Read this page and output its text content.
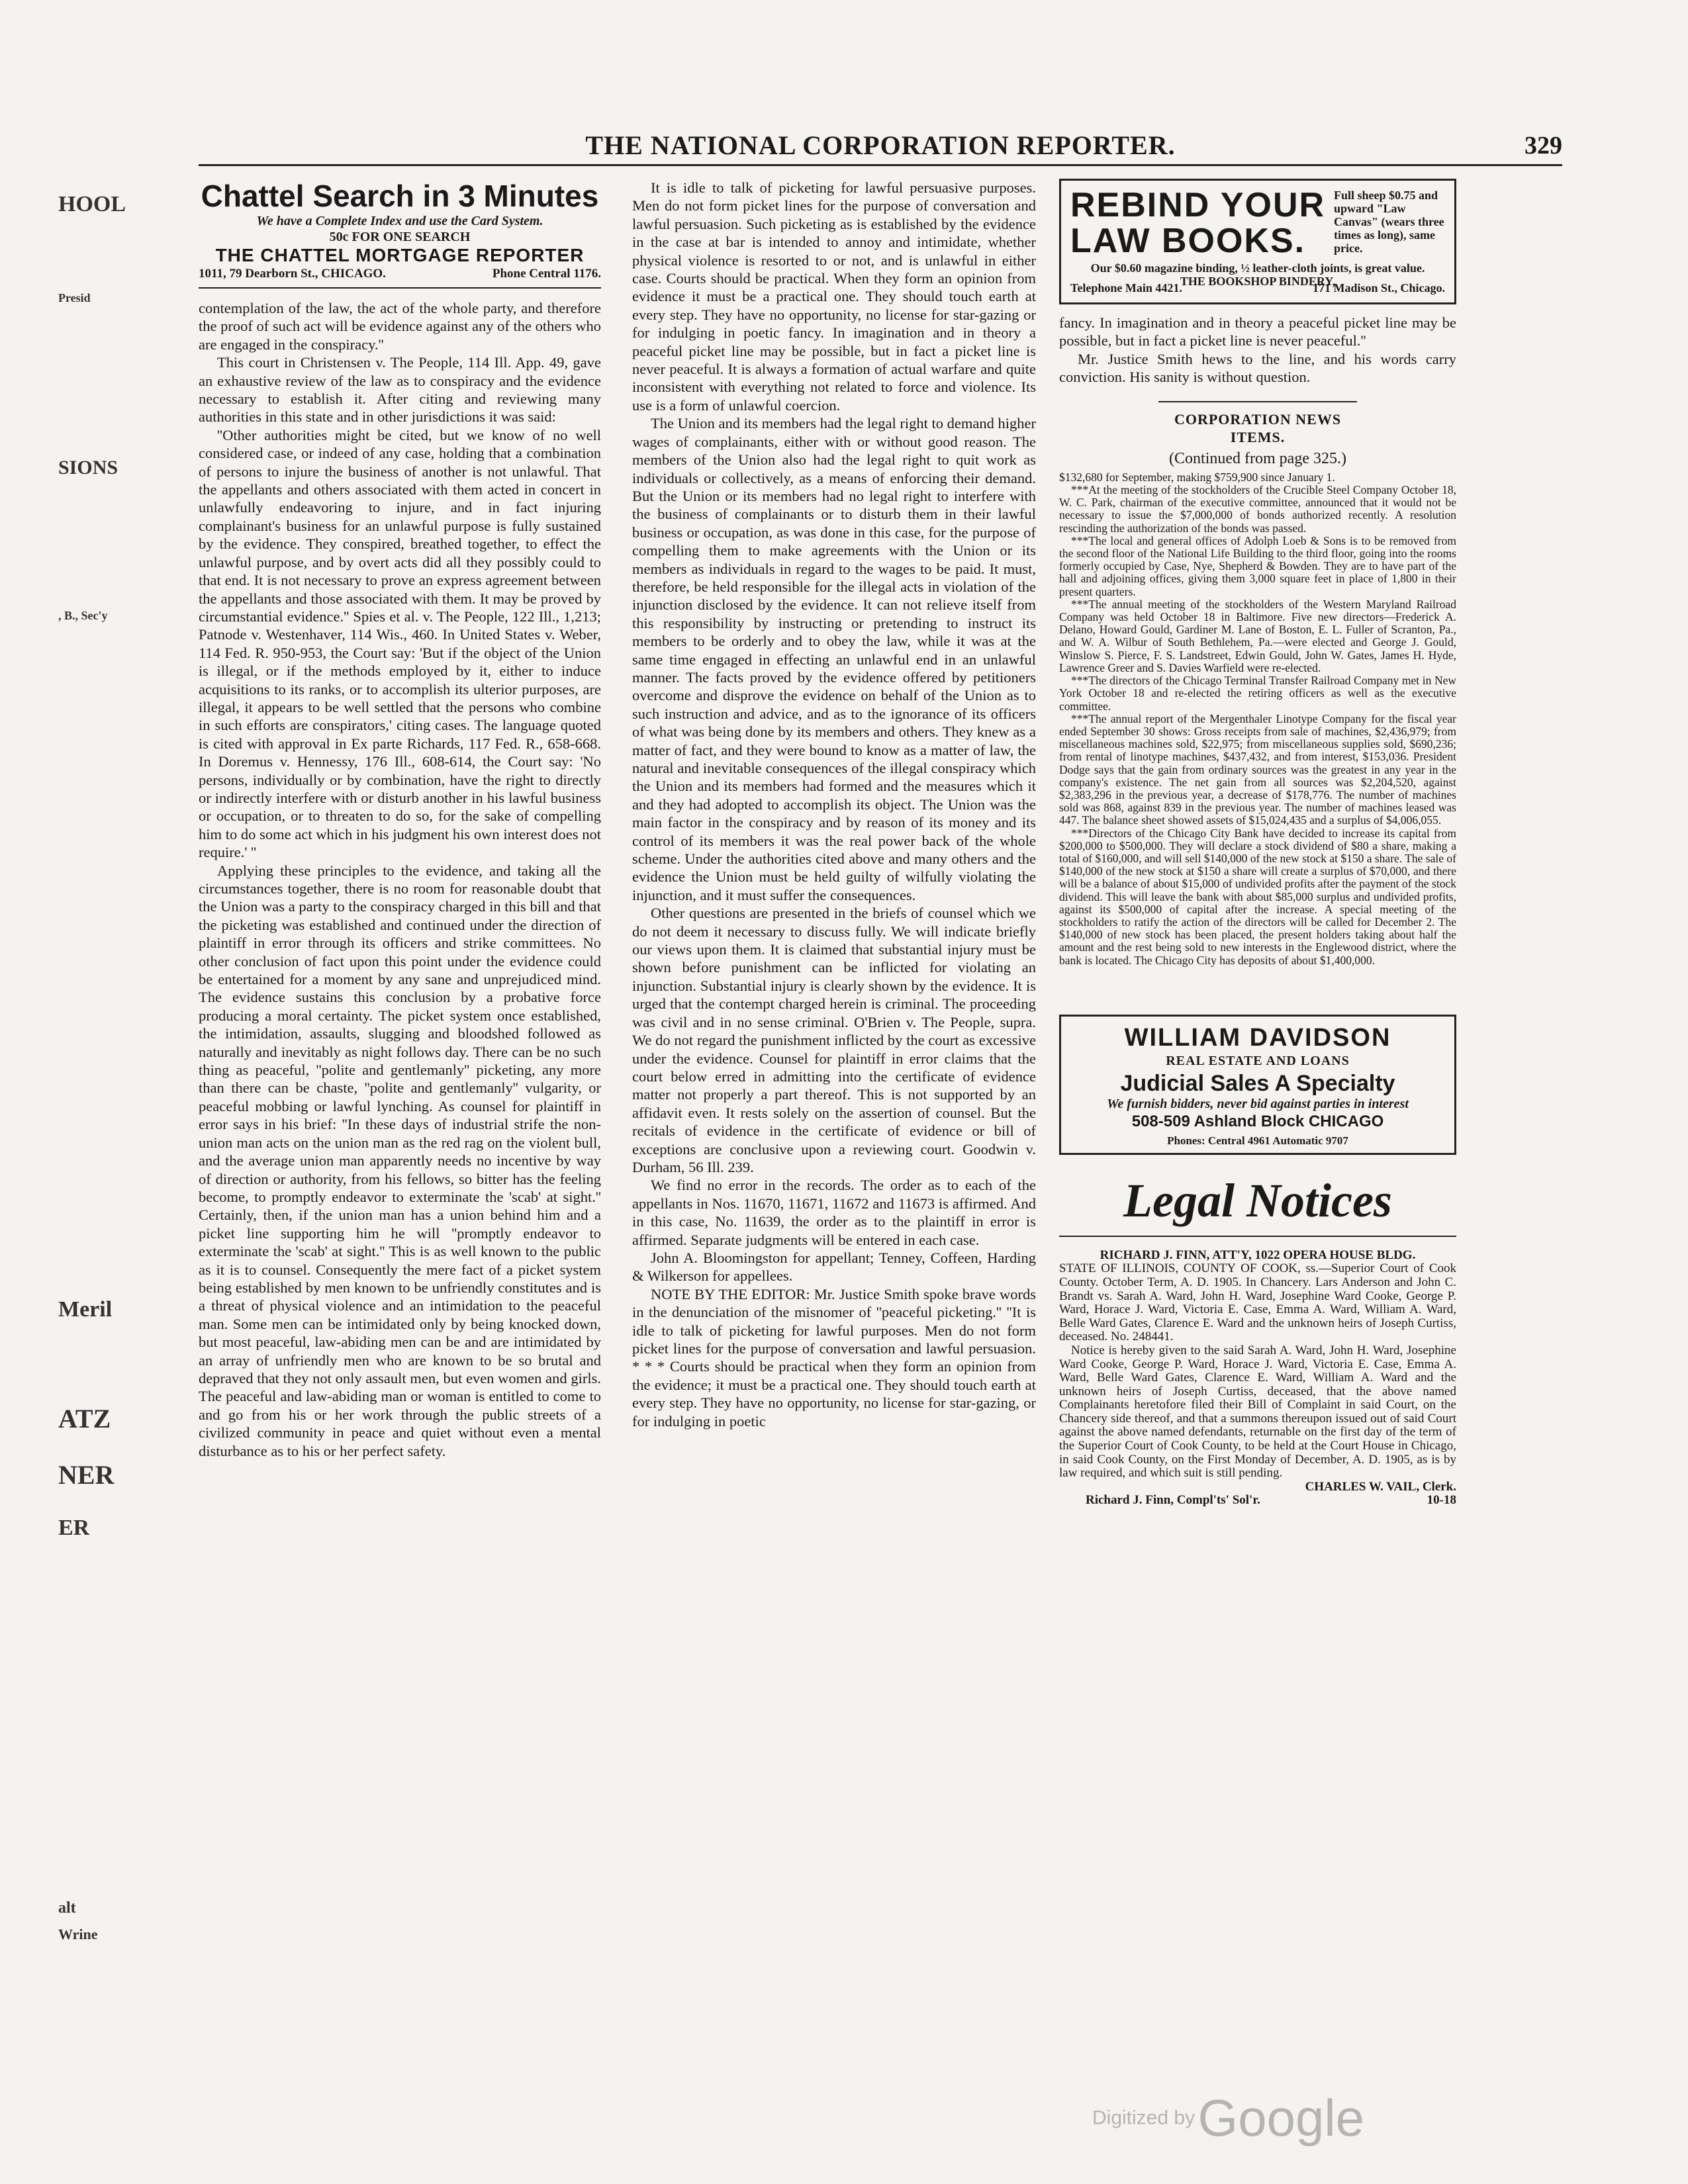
HOOL
Presid
SIONS
, B., Sec'y
Meril
ATZ
NER
ER
alt
Wrine
THE NATIONAL CORPORATION REPORTER.	329
Chattel Search in 3 Minutes
We have a Complete Index and use the Card System.
50c FOR ONE SEARCH
THE CHATTEL MORTGAGE REPORTER
1011, 79 Dearborn St., CHICAGO.	Phone Central 1176.

contemplation of the law, the act of the whole party, and therefore the proof of such act will be evidence against any of the others who are engaged in the conspiracy.''

This court in Christensen v. The People, 114 Ill. App. 49, gave an exhaustive review of the law as to conspiracy and the evidence necessary to establish it. After citing and reviewing many authorities in this state and in other jurisdictions it was said:

''Other authorities might be cited, but we know of no well considered case, or indeed of any case, holding that a combination of persons to injure the business of another is not unlawful. That the appellants and others associated with them acted in concert in unlawfully endeavoring to injure, and in fact injuring complainant's business for an unlawful purpose is fully sustained by the evidence. They conspired, breathed together, to effect the unlawful purpose, and by overt acts did all they possibly could to that end. It is not necessary to prove an express agreement between the appellants and those associated with them. It may be proved by circumstantial evidence.'' Spies et al. v. The People, 122 Ill., 1,213; Patnode v. Westenhaver, 114 Wis., 460. In United States v. Weber, 114 Fed. R. 950-953, the Court say: 'But if the object of the Union is illegal, or if the methods employed by it, either to induce acquisitions to its ranks, or to accomplish its ulterior purposes, are illegal, it appears to be well settled that the persons who combine in such efforts are conspirators,' citing cases. The language quoted is cited with approval in Ex parte Richards, 117 Fed. R., 658-668. In Doremus v. Hennessy, 176 Ill., 608-614, the Court say: 'No persons, individually or by combination, have the right to directly or indirectly interfere with or disturb another in his lawful business or occupation, or to threaten to do so, for the sake of compelling him to do some act which in his judgment his own interest does not require.' ''

Applying these principles to the evidence, and taking all the circumstances together, there is no room for reasonable doubt that the Union was a party to the conspiracy charged in this bill and that the picketing was established and continued under the direction of plaintiff in error through its officers and strike committees. No other conclusion of fact upon this point under the evidence could be entertained for a moment by any sane and unprejudiced mind. The evidence sustains this conclusion by a probative force producing a moral certainty. The picket system once established, the intimidation, assaults, slugging and bloodshed followed as naturally and inevitably as night follows day. There can be no such thing as peaceful, ''polite and gentlemanly'' picketing, any more than there can be chaste, ''polite and gentlemanly'' vulgarity, or peaceful mobbing or lawful lynching. As counsel for plaintiff in error says in his brief: ''In these days of industrial strife the non-union man acts on the union man as the red rag on the violent bull, and the average union man apparently needs no incentive by way of direction or authority, from his fellows, so bitter has the feeling become, to promptly endeavor to exterminate the 'scab' at sight.'' Certainly, then, if the union man has a union behind him and a picket line supporting him he will ''promptly endeavor to exterminate the 'scab' at sight.'' This is as well known to the public as it is to counsel. Consequently the mere fact of a picket system being established by men known to be unfriendly constitutes and is a threat of physical violence and an intimidation to the peaceful man. Some men can be intimidated only by being knocked down, but most peaceful, law-abiding men can be and are intimidated by an array of unfriendly men who are known to be so brutal and depraved that they not only assault men, but even women and girls. The peaceful and law-abiding man or woman is entitled to come to and go from his or her work through the public streets of a civilized community in peace and quiet without even a mental disturbance as to his or her perfect safety.

It is idle to talk of picketing for lawful persuasive purposes. Men do not form picket lines for the purpose of conversation and lawful persuasion. Such picketing as is established by the evidence in the case at bar is intended to annoy and intimidate, whether physical violence is resorted to or not, and is unlawful in either case. Courts should be practical. When they form an opinion from evidence it must be a practical one. They should touch earth at every step. They have no opportunity, no license for star-gazing or for indulging in poetic fancy. In imagination and in theory a peaceful picket line may be possible, but in fact a picket line is never peaceful. It is always a formation of actual warfare and quite inconsistent with everything not related to force and violence. Its use is a form of unlawful coercion.

The Union and its members had the legal right to demand higher wages of complainants, either with or without good reason. The members of the Union also had the legal right to quit work as individuals or collectively, as a means of enforcing their demand. But the Union or its members had no legal right to interfere with the business of complainants or to disturb them in their lawful business or occupation, as was done in this case, for the purpose of compelling them to make agreements with the Union or its members as individuals in regard to the wages to be paid. It must, therefore, be held responsible for the illegal acts in violation of the injunction disclosed by the evidence. It can not relieve itself from this responsibility by instructing or pretending to instruct its members to be orderly and to obey the law, while it was at the same time engaged in effecting an unlawful end in an unlawful manner. The facts proved by the evidence offered by petitioners overcome and disprove the evidence on behalf of the Union as to such instruction and advice, and as to the ignorance of its officers of what was being done by its members and others. They knew as a matter of fact, and they were bound to know as a matter of law, the natural and inevitable consequences of the illegal conspiracy which the Union and its members had formed and the measures which it and they had adopted to accomplish its object. The Union was the main factor in the conspiracy and by reason of its money and its control of its members it was the real power back of the whole scheme. Under the authorities cited above and many others and the evidence the Union must be held guilty of wilfully violating the injunction, and it must suffer the consequences.

Other questions are presented in the briefs of counsel which we do not deem it necessary to discuss fully. We will indicate briefly our views upon them. It is claimed that substantial injury must be shown before punishment can be inflicted for violating an injunction. Substantial injury is clearly shown by the evidence. It is urged that the contempt charged herein is criminal. The proceeding was civil and in no sense criminal. O'Brien v. The People, supra. We do not regard the punishment inflicted by the court as excessive under the evidence. Counsel for plaintiff in error claims that the court below erred in admitting into the certificate of evidence matter not properly a part thereof. This is not supported by an affidavit even. It rests solely on the assertion of counsel. But the recitals of evidence in the certificate of evidence or bill of exceptions are conclusive upon a reviewing court. Goodwin v. Durham, 56 Ill. 239.

We find no error in the records. The order as to each of the appellants in Nos. 11670, 11671, 11672 and 11673 is affirmed. And in this case, No. 11639, the order as to the plaintiff in error is affirmed. Separate judgments will be entered in each case.

John A. Bloomingston for appellant; Tenney, Coffeen, Harding & Wilkerson for appellees.

NOTE BY THE EDITOR: Mr. Justice Smith spoke brave words in the denunciation of the misnomer of ''peaceful picketing.'' ''It is idle to talk of picketing for lawful purposes. Men do not form picket lines for the purpose of conversation and lawful persuasion. * * * Courts should be practical when they form an opinion from the evidence; it must be a practical one. They should touch earth at every step. They have no opportunity, no license for star-gazing, or for indulging in poetic

REBIND YOUR
LAW BOOKS.
Full sheep $0.75 and upward "Law Canvas" (wears three times as long), same price.
Our $0.60 magazine binding, ½ leather-cloth joints, is great value.
THE BOOKSHOP BINDERY,
Telephone Main 4421.	171 Madison St., Chicago.

fancy. In imagination and in theory a peaceful picket line may be possible, but in fact a picket line is never peaceful.''

Mr. Justice Smith hews to the line, and his words carry conviction. His sanity is without question.

CORPORATION NEWS ITEMS.
(Continued from page 325.)

$132,680 for September, making $759,900 since January 1.

***At the meeting of the stockholders of the Crucible Steel Company October 18, W. C. Park, chairman of the executive committee, announced that it would not be necessary to issue the $7,000,000 of bonds authorized recently. A resolution rescinding the authorization of the bonds was passed.

***The local and general offices of Adolph Loeb & Sons is to be removed from the second floor of the National Life Building to the third floor, going into the rooms formerly occupied by Case, Nye, Shepherd & Bowden. They are to have part of the hall and adjoining offices, giving them 3,000 square feet in place of 1,800 in their present quarters.

***The annual meeting of the stockholders of the Western Maryland Railroad Company was held October 18 in Baltimore. Five new directors—Frederick A. Delano, Howard Gould, Gardiner M. Lane of Boston, E. L. Fuller of Scranton, Pa., and W. A. Wilbur of South Bethlehem, Pa.—were elected and George J. Gould, Winslow S. Pierce, F. S. Landstreet, Edwin Gould, John W. Gates, James H. Hyde, Lawrence Greer and S. Davies Warfield were re-elected.

***The directors of the Chicago Terminal Transfer Railroad Company met in New York October 18 and re-elected the retiring officers as well as the executive committee.

***The annual report of the Mergenthaler Linotype Company for the fiscal year ended September 30 shows: Gross receipts from sale of machines, $2,436,979; from miscellaneous machines sold, $22,975; from miscellaneous supplies sold, $690,236; from rental of linotype machines, $437,432, and from interest, $153,036. President Dodge says that the gain from ordinary sources was the greatest in any year in the company's existence. The net gain from all sources was $2,204,520, against $2,383,296 in the previous year, a decrease of $178,776. The number of machines sold was 868, against 839 in the previous year. The number of machines leased was 447. The balance sheet showed assets of $15,024,435 and a surplus of $4,006,055.

***Directors of the Chicago City Bank have decided to increase its capital from $200,000 to $500,000. They will declare a stock dividend of $80 a share, making a total of $160,000, and will sell $140,000 of the new stock at $150 a share. The sale of $140,000 of the new stock at $150 a share will create a surplus of $70,000, and there will be a balance of about $15,000 of undivided profits after the payment of the stock dividend. This will leave the bank with about $85,000 surplus and undivided profits, against its $500,000 of capital after the increase. A special meeting of the stockholders to ratify the action of the directors will be called for December 2. The $140,000 of new stock has been placed, the present holders taking about half the amount and the rest being sold to new interests in the Englewood district, where the bank is located. The Chicago City has deposits of about $1,400,000.

WILLIAM DAVIDSON
REAL ESTATE AND LOANS
Judicial Sales A Specialty
We furnish bidders, never bid against parties in interest
508-509 Ashland Block CHICAGO
Phones: Central 4961 Automatic 9707
Legal Notices
RICHARD J. FINN, ATT'Y, 1022 OPERA HOUSE BLDG.

STATE OF ILLINOIS, COUNTY OF COOK, ss.—Superior Court of Cook County. October Term, A. D. 1905. In Chancery. Lars Anderson and John C. Brandt vs. Sarah A. Ward, John H. Ward, Josephine Ward Cooke, George P. Ward, Horace J. Ward, Victoria E. Case, Emma A. Ward, William A. Ward, Belle Ward Gates, Clarence E. Ward and the unknown heirs of Joseph Curtiss, deceased. No. 248441.

Notice is hereby given to the said Sarah A. Ward, John H. Ward, Josephine Ward Cooke, George P. Ward, Horace J. Ward, Victoria E. Case, Emma A. Ward, Belle Ward Gates, Clarence E. Ward, William A. Ward and the unknown heirs of Joseph Curtiss, deceased, that the above named Complainants heretofore filed their Bill of Complaint in said Court, on the Chancery side thereof, and that a summons thereupon issued out of said Court against the above named defendants, returnable on the first day of the term of the Superior Court of Cook County, to be held at the Court House in Chicago, in said Cook County, on the First Monday of December, A. D. 1905, as is by law required, and which suit is still pending.

CHARLES W. VAIL, Clerk.
Richard J. Finn, Compl'ts' Sol'r.	10-18
Digitized by Google
